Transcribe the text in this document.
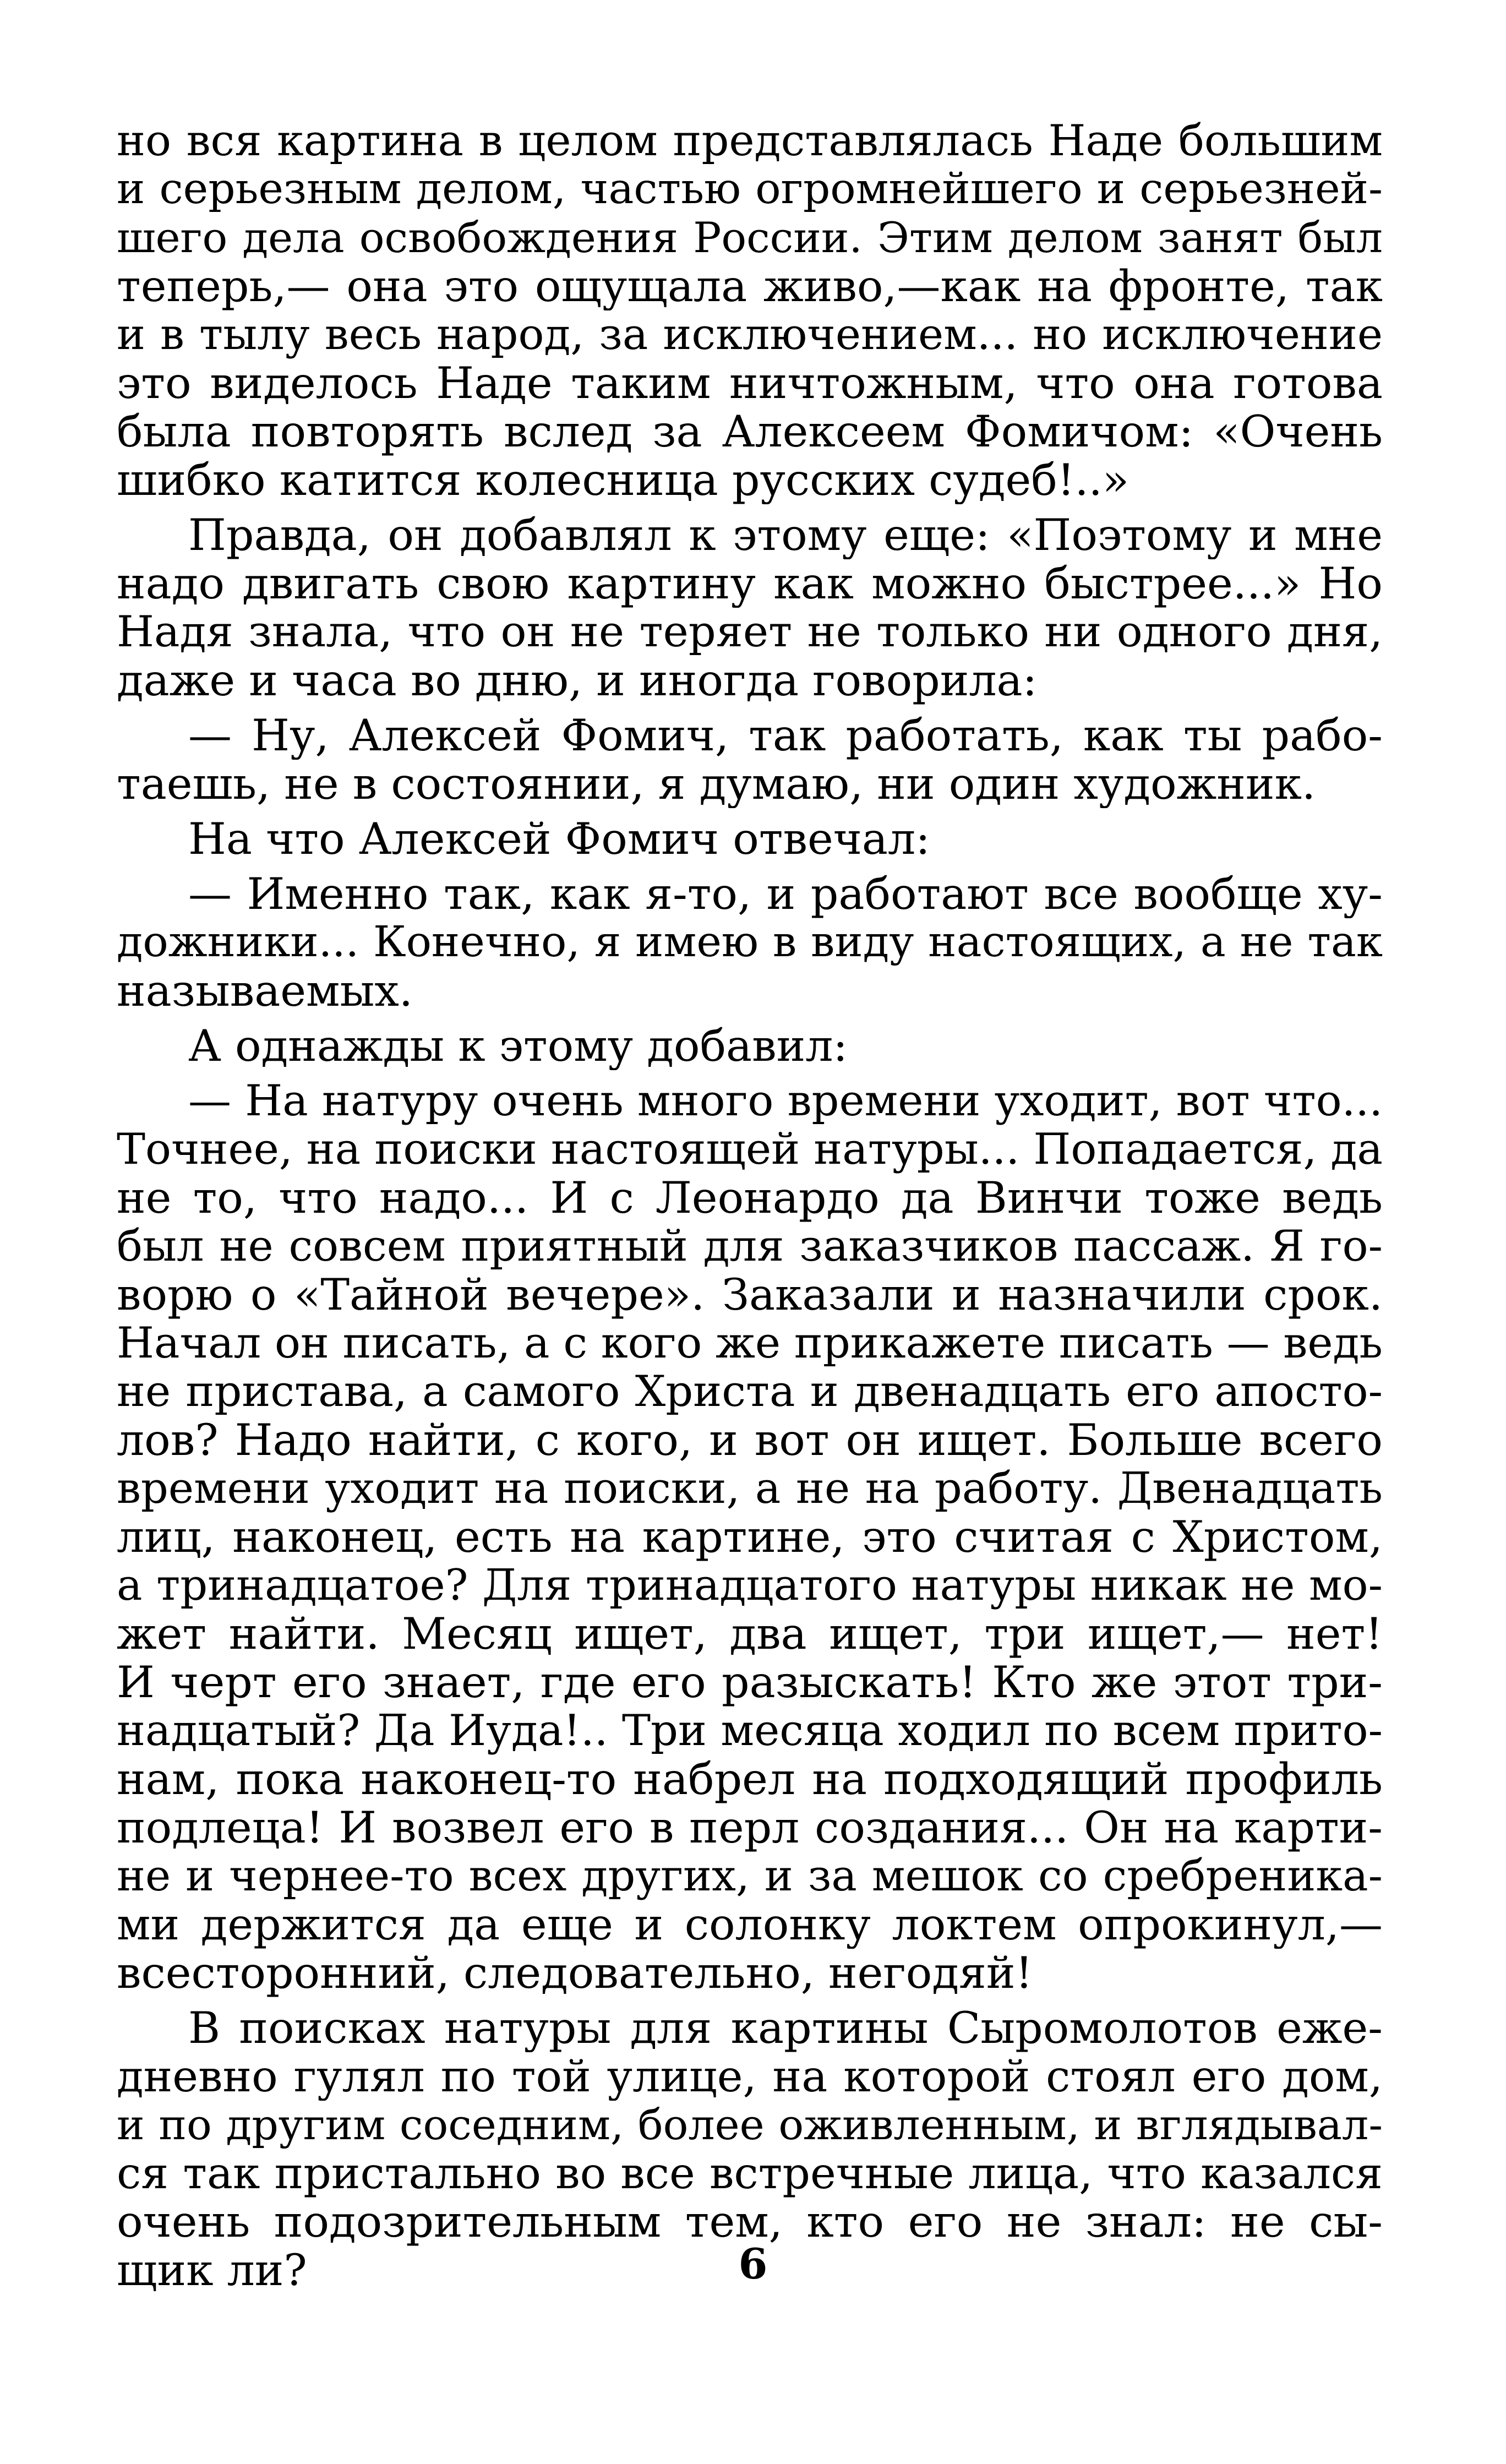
но вся картина в целом представлялась Наде большим
и серьезным делом, частью огромнейшего и серьезней-
шего дела освобождения России. Этим делом занят был
теперь,— она это ощущала живо,—как на фронте, так
и в тылу весь народ, за исключением... но исключение
это виделось Наде таким ничтожным, что она готова
была повторять вслед за Алексеем Фомичом: «Очень
шибко катится колесница русских судеб!..»
Правда, он добавлял к этому еще: «Поэтому и мне
надо двигать свою картину как можно быстрее...» Но
Надя знала, что он не теряет не только ни одного дня,
даже и часа во дню, и иногда говорила:
— Ну, Алексей Фомич, так работать, как ты рабо-
таешь, не в состоянии, я думаю, ни один художник.
На что Алексей Фомич отвечал:
— Именно так, как я-то, и работают все вообще ху-
дожники... Конечно, я имею в виду настоящих, а не так
называемых.
А однажды к этому добавил:
— На натуру очень много времени уходит, вот что...
Точнее, на поиски настоящей натуры... Попадается, да
не то, что надо... И с Леонардо да Винчи тоже ведь
был не совсем приятный для заказчиков пассаж. Я го-
ворю о «Тайной вечере». Заказали и назначили срок.
Начал он писать, а с кого же прикажете писать — ведь
не пристава, а самого Христа и двенадцать его апосто-
лов? Надо найти, с кого, и вот он ищет. Больше всего
времени уходит на поиски, а не на работу. Двенадцать
лиц, наконец, есть на картине, это считая с Христом,
а тринадцатое? Для тринадцатого натуры никак не мо-
жет найти. Месяц ищет, два ищет, три ищет,— нет!
И черт его знает, где его разыскать! Кто же этот три-
надцатый? Да Иуда!.. Три месяца ходил по всем прито-
нам, пока наконец-то набрел на подходящий профиль
подлеца! И возвел его в перл создания... Он на карти-
не и чернее-то всех других, и за мешок со сребреника-
ми держится да еще и солонку локтем опрокинул,—
всесторонний, следовательно, негодяй!
В поисках натуры для картины Сыромолотов еже-
дневно гулял по той улице, на которой стоял его дом,
и по другим соседним, более оживленным, и вглядывал-
ся так пристально во все встречные лица, что казался
очень подозрительным тем, кто его не знал: не сы-
щик ли?	6
